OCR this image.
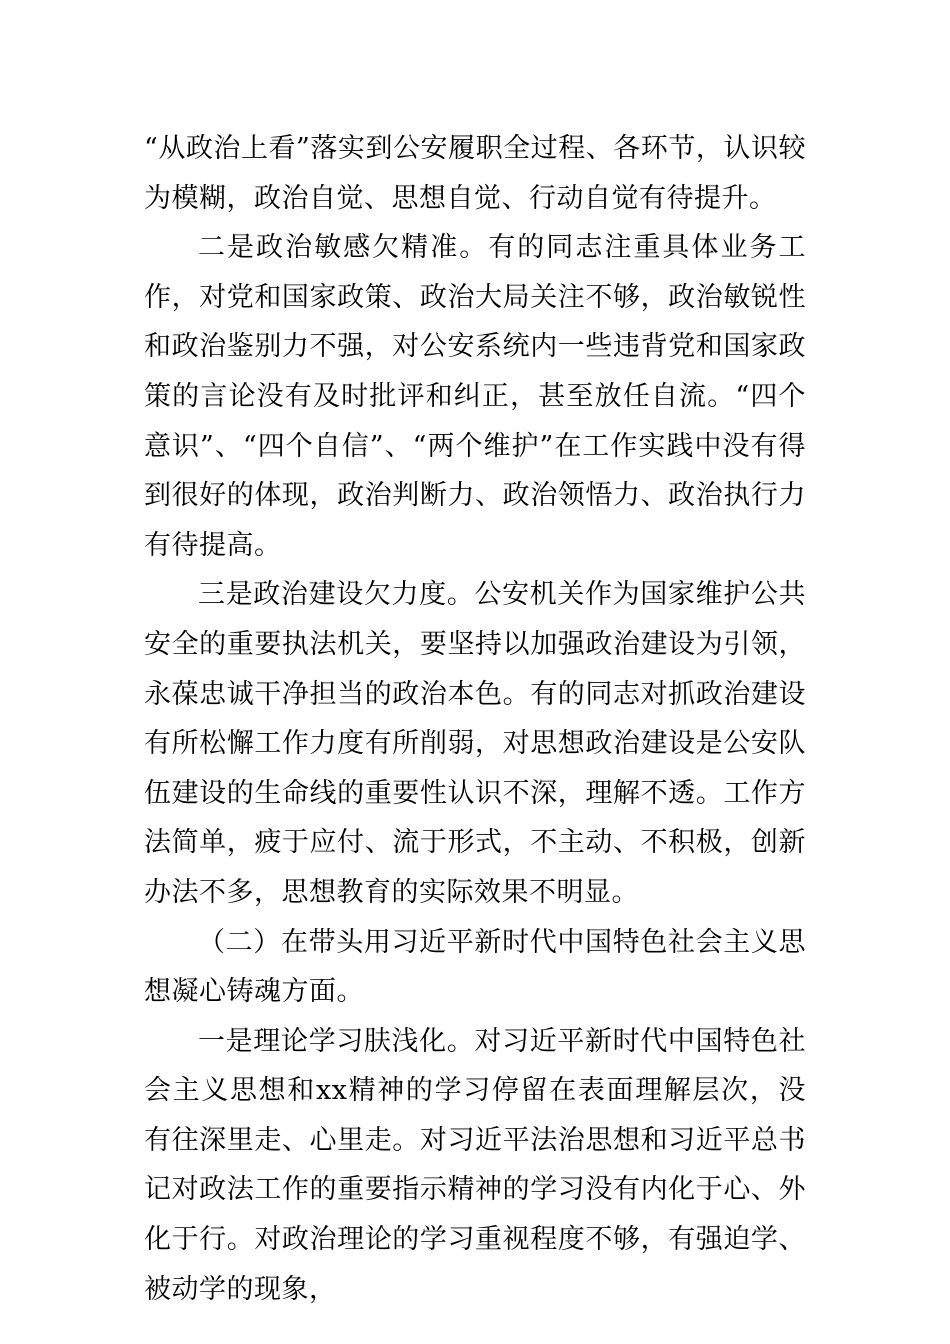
“从政治上看”落实到公安履职全过程、各环节，认识较为模糊，政治自觉、思想自觉、行动自觉有待提升。

二是政治敏感欠精准。有的同志注重具体业务工作，对党和国家政策、政治大局关注不够，政治敏锐性和政治鉴别力不强，对公安系统内一些违背党和国家政策的言论没有及时批评和纠正，甚至放任自流。“四个意识”、“四个自信”、“两个维护”在工作实践中没有得到很好的体现，政治判断力、政治领悟力、政治执行力有待提高。

三是政治建设欠力度。公安机关作为国家维护公共安全的重要执法机关，要坚持以加强政治建设为引领，永葆忠诚干净担当的政治本色。有的同志对抓政治建设有所松懈工作力度有所削弱，对思想政治建设是公安队伍建设的生命线的重要性认识不深，理解不透。工作方法简单，疲于应付、流于形式，不主动、不积极，创新办法不多，思想教育的实际效果不明显。

（二）在带头用习近平新时代中国特色社会主义思想凝心铸魂方面。

一是理论学习肤浅化。对习近平新时代中国特色社会主义思想和xx精神的学习停留在表面理解层次，没有往深里走、心里走。对习近平法治思想和习近平总书记对政法工作的重要指示精神的学习没有内化于心、外化于行。对政治理论的学习重视程度不够，有强迫学、被动学的现象，
